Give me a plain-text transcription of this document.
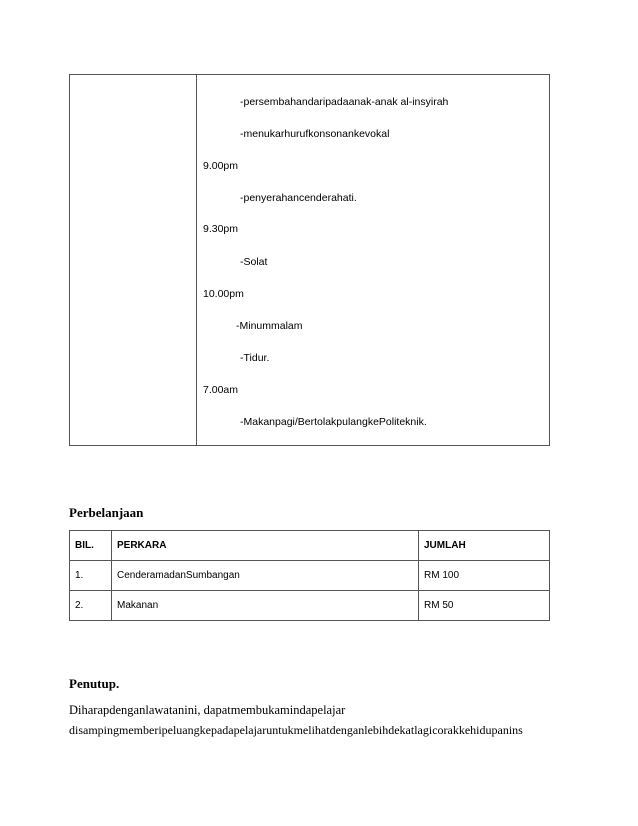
-persembahandaripadaanak-anak al-insyirah
-menukarhurufkonsonankevokal
9.00pm
-penyerahancenderahati.
9.30pm
-Solat
10.00pm
-Minummalam
-Tidur.
7.00am
-Makanpagi/BertolakpulangkePoliteknik.
Perbelanjaan
BIL.	PERKARA	JUMLAH
1.	CenderamadanSumbangan	RM 100
2.	Makanan	RM 50
Penutup.
Diharapdenganlawatanini, dapatmembukamindapelajar
disampingmemberipeluangkepadapelajaruntukmelihatdenganlebihdekatlagicorakkehidupanins
